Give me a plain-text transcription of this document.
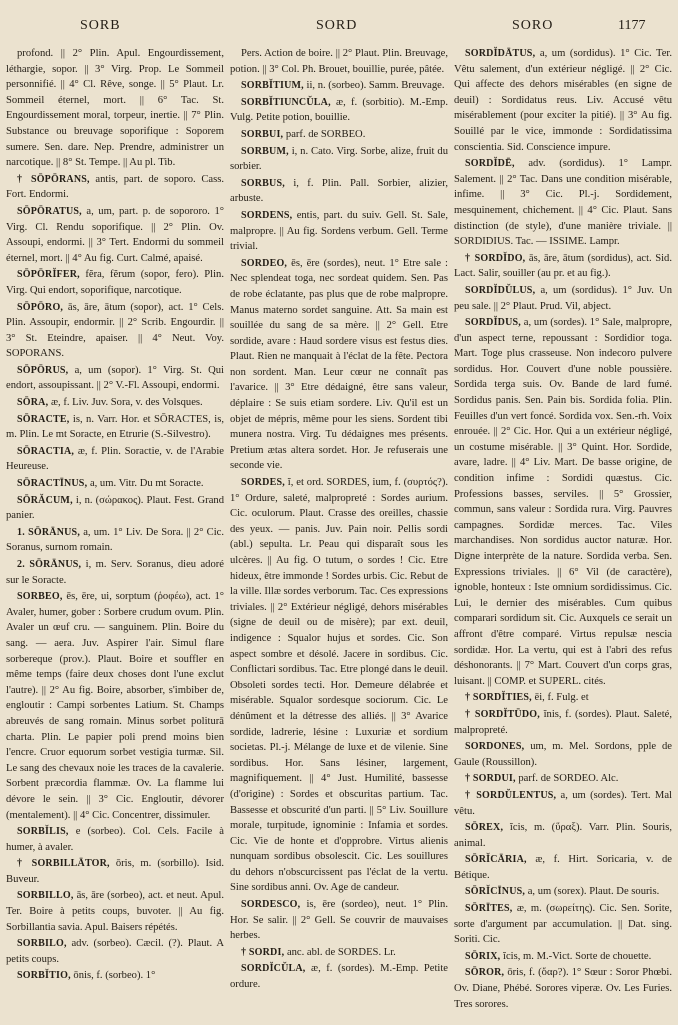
SORB	SORD	SORO	1177

profond. || 2° Plin. Apul. Engourdissement, léthargie, sopor. || 3° Virg. Prop. Le Sommeil personnifié. || 4° Cl. Rêve, songe. || 5° Plaut. Lr. Sommeil éternel, mort. || 6° Tac. St. Engourdissement moral, torpeur, inertie. || 7° Plin. Substance ou breuvage soporifique : Soporem sumere. Sen. dare. Nep. Prendre, administrer un narcotique. || 8° St. Tempe. || Au pl. Tib.

† SŌPŌRANS, antis, part. de soporo. Cass. Fort. Endormi.

SŌPŌRATUS, a, um, part. p. de sopororo. 1° Virg. Cl. Rendu soporifique. || 2° Plin. Ov. Assoupi, endormi. || 3° Tert. Endormi du sommeil éternel, mort. || 4° Au fig. Curt. Calmé, apaisé.

SŌPŌRĬFER, fĕra, fĕrum (sopor, fero). Plin. Virg. Qui endort, soporifique, narcotique.

SŌPŌRO, ās, āre, ātum (sopor), act. 1° Cels. Plin. Assoupir, endormir. || 2° Scrib. Engourdir. || 3° St. Eteindre, apaiser. || 4° Neut. Voy. SOPORANS.

SŌPŌRUS, a, um (sopor). 1° Virg. St. Qui endort, assoupissant. || 2° V.-Fl. Assoupi, endormi.

SŌRA, æ, f. Liv. Juv. Sora, v. des Volsques.

SŌRACTE, is, n. Varr. Hor. et SŌRACTES, is, m. Plin. Le mt Soracte, en Etrurie (S.-Silvestro).

SŌRACTIA, æ, f. Plin. Soractie, v. de l'Arabie Heureuse.

SŌRACTĪNUS, a, um. Vitr. Du mt Soracte.

SŌRĂCUM, i, n. (σώρακος). Plaut. Fest. Grand panier.

1. SŌRĀNUS, a, um. 1° Liv. De Sora. || 2° Cic. Soranus, surnom romain.

2. SŌRĀNUS, i, m. Serv. Soranus, dieu adoré sur le Soracte.

SORBEO, ēs, ēre, ui, sorptum (ῥοφέω), act. 1° Avaler, humer, gober : Sorbere crudum ovum. Plin. Avaler un œuf cru. — sanguinem. Plin. Boire du sang. — aera. Juv. Aspirer l'air. Simul flare sorbereque (prov.). Plaut. Boire et souffler en même temps (faire deux choses dont l'une exclut l'autre). || 2° Au fig. Boire, absorber, s'imbiber de, engloutir : Campi sorbentes Latium. St. Champs abreuvés de sang romain. Minus sorbet politurā charta. Plin. Le papier poli prend moins bien l'encre. Cruor equorum sorbet vestigia turmæ. Sil. Le sang des chevaux noie les traces de la cavalerie. Sorbent præcordia flammæ. Ov. La flamme lui dévore le sein. || 3° Cic. Engloutir, dévorer (mentalement). || 4° Cic. Concentrer, dissimuler.

SORBĬLIS, e (sorbeo). Col. Cels. Facile à humer, à avaler.

† SORBILLĀTOR, ōris, m. (sorbillo). Isid. Buveur.

SORBILLO, ās, āre (sorbeo), act. et neut. Apul. Ter. Boire à petits coups, buvoter. || Au fig. Sorbillantia savia. Apul. Baisers répétés.

SORBILO, adv. (sorbeo). Cæcil. (?). Plaut. A petits coups.

SORBĬTIO, ōnis, f. (sorbeo). 1°

Pers. Action de boire. || 2° Plaut. Plin. Breuvage, potion. || 3° Col. Ph. Brouet, bouillie, purée, pâtée.

SORBĬTIUM, ii, n. (sorbeo). Samm. Breuvage.

SORBĬTIUNCŬLA, æ, f. (sorbitio). M.-Emp. Vulg. Petite potion, bouillie.

SORBUI, parf. de SORBEO.

SORBUM, i, n. Cato. Virg. Sorbe, alize, fruit du sorbier.

SORBUS, i, f. Plin. Pall. Sorbier, alizier, arbuste.

SORDENS, entis, part. du suiv. Gell. St. Sale, malpropre. || Au fig. Sordens verbum. Gell. Terme trivial.

SORDEO, ēs, ēre (sordes), neut. 1° Etre sale : Nec splendeat toga, nec sordeat quidem. Sen. Pas de robe éclatante, pas plus que de robe malpropre. Manus materno sordet sanguine. Att. Sa main est souillée du sang de sa mère. || 2° Gell. Etre sordide, avare : Haud sordere visus est festus dies. Plaut. Rien ne manquait à l'éclat de la fête. Pectora non sordent. Man. Leur cœur ne connaît pas l'avarice. || 3° Etre dédaigné, être sans valeur, déplaire : Se suis etiam sordere. Liv. Qu'il est un objet de mépris, même pour les siens. Sordent tibi munera nostra. Virg. Tu dédaignes mes présents. Pretium ætas altera sordet. Hor. Je refuserais une seconde vie.

SORDES, ĭ, et ord. SORDES, ium, f. (συρτός?). 1° Ordure, saleté, malpropreté : Sordes aurium. Cic. oculorum. Plaut. Crasse des oreilles, chassie des yeux. — panis. Juv. Pain noir. Pellis sordi (abl.) sepulta. Lr. Peau qui disparaît sous les ulcères. || Au fig. O tutum, o sordes ! Cic. Etre hideux, être immonde ! Sordes urbis. Cic. Rebut de la ville. Illæ sordes verborum. Tac. Ces expressions triviales. || 2° Extérieur négligé, dehors misérables (signe de deuil ou de misère); par ext. deuil, indigence : Squalor hujus et sordes. Cic. Son aspect sombre et désolé. Jacere in sordibus. Cic. Conflictari sordibus. Tac. Etre plongé dans le deuil. Obsoleti sordes tecti. Hor. Demeure délabrée et misérable. Squalor sordesque sociorum. Cic. Le dénûment et la détresse des alliés. || 3° Avarice sordide, ladrerie, lésine : Luxuriæ et sordium societas. Pl.-j. Mélange de luxe et de vilenie. Sine sordibus. Hor. Sans lésiner, largement, magnifiquement. || 4° Just. Humilité, bassesse (d'origine) : Sordes et obscuritas partium. Tac. Bassesse et obscurité d'un parti. || 5° Liv. Souillure morale, turpitude, ignominie : Infamia et sordes. Cic. Vie de honte et d'opprobre. Virtus alienis nunquam sordibus obsolescit. Cic. Les souillures du dehors n'obscurcissent pas l'éclat de la vertu. Sine sordibus anni. Ov. Age de candeur.

SORDESCO, is, ēre (sordeo), neut. 1° Plin. Hor. Se salir. || 2° Gell. Se couvrir de mauvaises herbes.

† SORDI, anc. abl. de SORDES. Lr.

SORDĬCŬLA, æ, f. (sordes). M.-Emp. Petite ordure.

SORDĬDĀTUS, a, um (sordidus). 1° Cic. Ter. Vêtu salement, d'un extérieur négligé. || 2° Cic. Qui affecte des dehors misérables (en signe de deuil) : Sordidatus reus. Liv. Accusé vêtu misérablement (pour exciter la pitié). || 3° Au fig. Souillé par le vice, immonde : Sordidatissima conscientia. Sid. Conscience impure.

SORDĬDĒ, adv. (sordidus). 1° Lampr. Salement. || 2° Tac. Dans une condition misérable, infime. || 3° Cic. Pl.-j. Sordidement, mesquinement, chichement. || 4° Cic. Plaut. Sans distinction (de style), d'une manière triviale. || SORDIDIUS. Tac. — ISSIME. Lampr.

† SORDĬDO, ās, āre, ātum (sordidus), act. Sid. Lact. Salir, souiller (au pr. et au fig.).

SORDĬDŬLUS, a, um (sordidus). 1° Juv. Un peu sale. || 2° Plaut. Prud. Vil, abject.

SORDĬDUS, a, um (sordes). 1° Sale, malpropre, d'un aspect terne, repoussant : Sordidior toga. Mart. Toge plus crasseuse. Non indecoro pulvere sordidus. Hor. Couvert d'une noble poussière. Sordida terga suis. Ov. Bande de lard fumé. Sordidus panis. Sen. Pain bis. Sordida folia. Plin. Feuilles d'un vert foncé. Sordida vox. Sen.-rh. Voix enrouée. || 2° Cic. Hor. Qui a un extérieur négligé, un costume misérable. || 3° Quint. Hor. Sordide, avare, ladre. || 4° Liv. Mart. De basse origine, de condition infime : Sordidi quæstus. Cic. Professions basses, serviles. || 5° Grossier, commun, sans valeur : Sordida rura. Virg. Pauvres campagnes. Sordidæ merces. Tac. Viles marchandises. Non sordidus auctor naturæ. Hor. Digne interprète de la nature. Sordida verba. Sen. Expressions triviales. || 6° Vil (de caractère), ignoble, honteux : Iste omnium sordidissimus. Cic. Lui, le dernier des misérables. Cum quibus comparari sordidum sit. Cic. Auxquels ce serait un affront d'être comparé. Virtus repulsæ nescia sordidæ. Hor. La vertu, qui est à l'abri des refus déshonorants. || 7° Mart. Couvert d'un corps gras, luisant. || COMP. et SUPERL. cités.

† SORDĬTIES, ēi, f. Fulg. et

† SORDĬTŪDO, ĭnis, f. (sordes). Plaut. Saleté, malpropreté.

SORDONES, um, m. Mel. Sordons, pple de Gaule (Roussillon).

† SORDUI, parf. de SORDEO. Alc.

† SORDŬLENTUS, a, um (sordes). Tert. Mal vêtu.

SŌREX, ĭcis, m. (ὕραξ). Varr. Plin. Souris, animal.

SŌRĬCĀRIA, æ, f. Hirt. Soricaria, v. de Bétique.

SŌRĬCĪNUS, a, um (sorex). Plaut. De souris.

SŌRĪTES, æ, m. (σωρείτης). Cic. Sen. Sorite, sorte d'argument par accumulation. || Dat. sing. Soriti. Cic.

SŌRIX, ĭcis, m. M.-Vict. Sorte de chouette.

SŌROR, ōris, f. (ὄαρ?). 1° Sœur : Soror Phœbi. Ov. Diane, Phébé. Sorores viperæ. Ov. Les Furies. Tres sorores.
